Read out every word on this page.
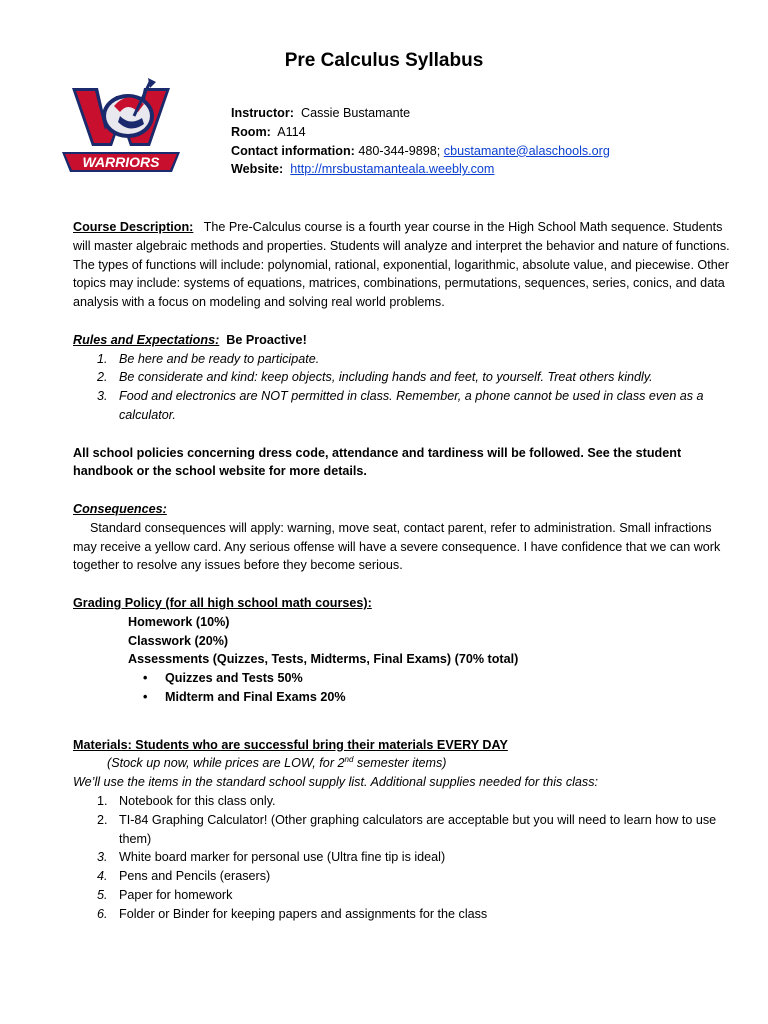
Pre Calculus Syllabus
WARRIORS
Instructor: Cassie Bustamante
Room: A114
Contact information: 480-344-9898; cbustamante@alaschools.org
Website: http://mrsbustamanteala.weebly.com

Course Description: The Pre-Calculus course is a fourth year course in the High School Math sequence. Students will master algebraic methods and properties. Students will analyze and interpret the behavior and nature of functions. The types of functions will include: polynomial, rational, exponential, logarithmic, absolute value, and piecewise. Other topics may include: systems of equations, matrices, combinations, permutations, sequences, series, conics, and data analysis with a focus on modeling and solving real world problems.

Rules and Expectations: Be Proactive!
1. Be here and be ready to participate.
2. Be considerate and kind: keep objects, including hands and feet, to yourself. Treat others kindly.
3. Food and electronics are NOT permitted in class. Remember, a phone cannot be used in class even as a calculator.

All school policies concerning dress code, attendance and tardiness will be followed. See the student handbook or the school website for more details.

Consequences:
Standard consequences will apply: warning, move seat, contact parent, refer to administration. Small infractions may receive a yellow card. Any serious offense will have a severe consequence. I have confidence that we can work together to resolve any issues before they become serious.
Grading Policy (for all high school math courses):
Homework (10%)
Classwork (20%)
Assessments (Quizzes, Tests, Midterms, Final Exams) (70% total)
• Quizzes and Tests 50%
• Midterm and Final Exams 20%
Materials: Students who are successful bring their materials EVERY DAY
(Stock up now, while prices are LOW, for 2nd semester items)
We’ll use the items in the standard school supply list. Additional supplies needed for this class:
1. Notebook for this class only.
2. TI-84 Graphing Calculator! (Other graphing calculators are acceptable but you will need to learn how to use them)
3. White board marker for personal use (Ultra fine tip is ideal)
4. Pens and Pencils (erasers)
5. Paper for homework
6. Folder or Binder for keeping papers and assignments for the class
